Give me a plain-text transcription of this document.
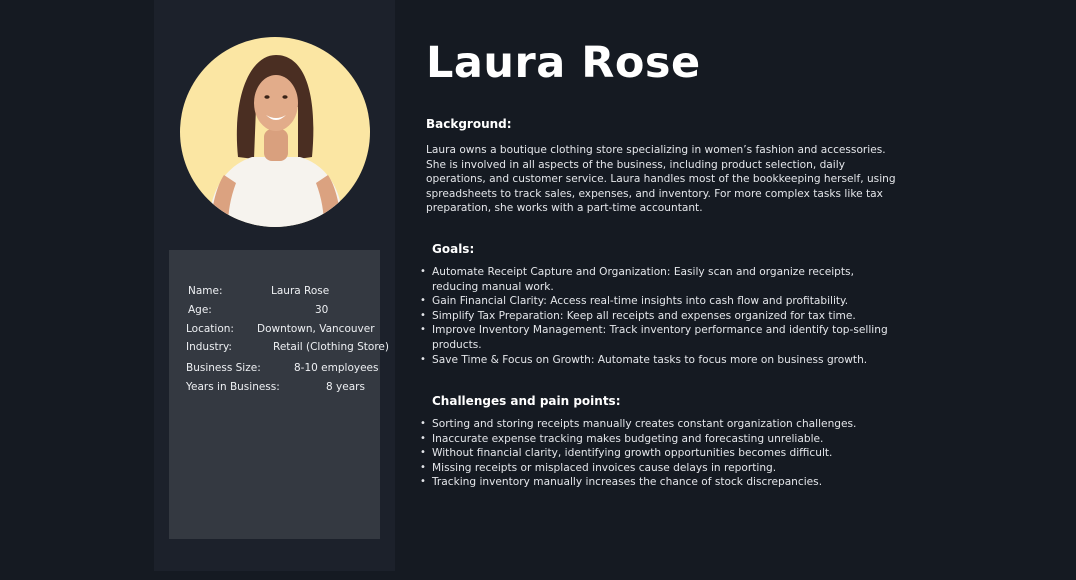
Name:	Laura Rose
Age:	30
Location: Downtown, Vancouver
Industry:	Retail (Clothing Store)
Business Size:	8-10 employees
Years in Business:	8 years
Laura Rose
Background:
Laura owns a boutique clothing store specializing in women’s fashion and accessories. She is involved in all aspects of the business, including product selection, daily operations, and customer service. Laura handles most of the bookkeeping herself, using spreadsheets to track sales, expenses, and inventory. For more complex tasks like tax preparation, she works with a part-time accountant.
Goals:
• Automate Receipt Capture and Organization: Easily scan and organize receipts, reducing manual work.
• Gain Financial Clarity: Access real-time insights into cash flow and profitability.
• Simplify Tax Preparation: Keep all receipts and expenses organized for tax time.
• Improve Inventory Management: Track inventory performance and identify top-selling products.
• Save Time & Focus on Growth: Automate tasks to focus more on business growth.
Challenges and pain points:
• Sorting and storing receipts manually creates constant organization challenges.
• Inaccurate expense tracking makes budgeting and forecasting unreliable.
• Without financial clarity, identifying growth opportunities becomes difficult.
• Missing receipts or misplaced invoices cause delays in reporting.
• Tracking inventory manually increases the chance of stock discrepancies.
